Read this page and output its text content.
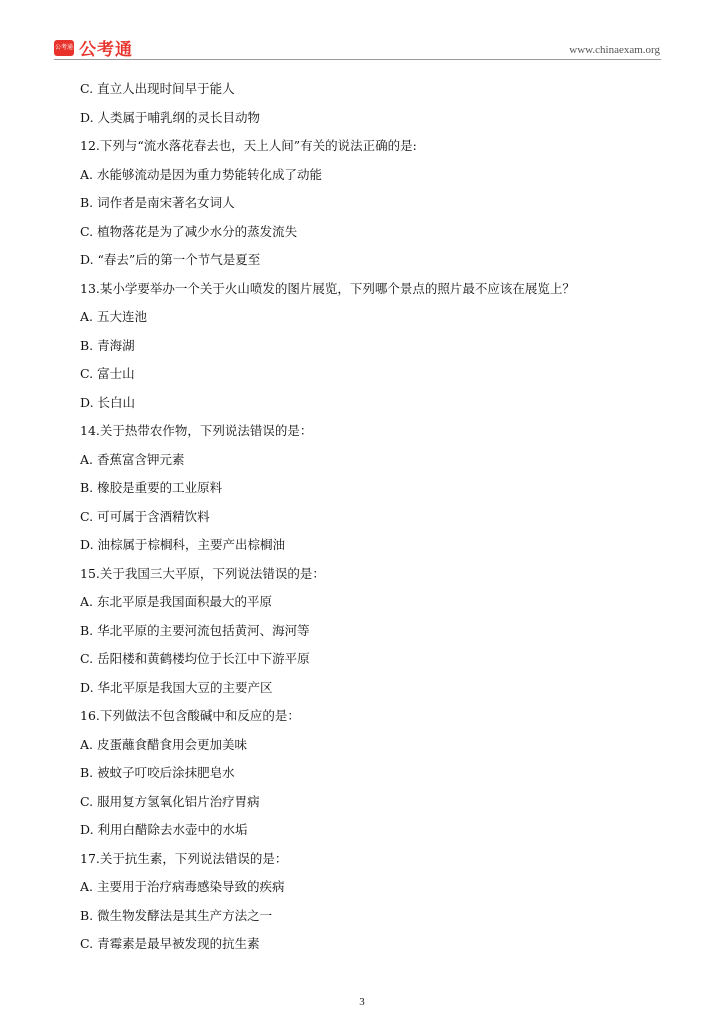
公考通 公考通	www.chinaexam.org
C. 直立人出现时间早于能人
D. 人类属于哺乳纲的灵长目动物
12.下列与“流水落花春去也，天上人间”有关的说法正确的是:
A. 水能够流动是因为重力势能转化成了动能
B. 词作者是南宋著名女词人
C. 植物落花是为了减少水分的蒸发流失
D. “春去”后的第一个节气是夏至
13.某小学要举办一个关于火山喷发的图片展览，下列哪个景点的照片最不应该在展览上？
A. 五大连池
B. 青海湖
C. 富士山
D. 长白山
14.关于热带农作物，下列说法错误的是：
A. 香蕉富含钾元素
B. 橡胶是重要的工业原料
C. 可可属于含酒精饮料
D. 油棕属于棕榈科，主要产出棕榈油
15.关于我国三大平原，下列说法错误的是：
A. 东北平原是我国面积最大的平原
B. 华北平原的主要河流包括黄河、海河等
C. 岳阳楼和黄鹤楼均位于长江中下游平原
D. 华北平原是我国大豆的主要产区
16.下列做法不包含酸碱中和反应的是：
A. 皮蛋蘸食醋食用会更加美味
B. 被蚊子叮咬后涂抹肥皂水
C. 服用复方氢氧化铝片治疗胃病
D. 利用白醋除去水壶中的水垢
17.关于抗生素，下列说法错误的是：
A. 主要用于治疗病毒感染导致的疾病
B. 微生物发酵法是其生产方法之一
C. 青霉素是最早被发现的抗生素
3
